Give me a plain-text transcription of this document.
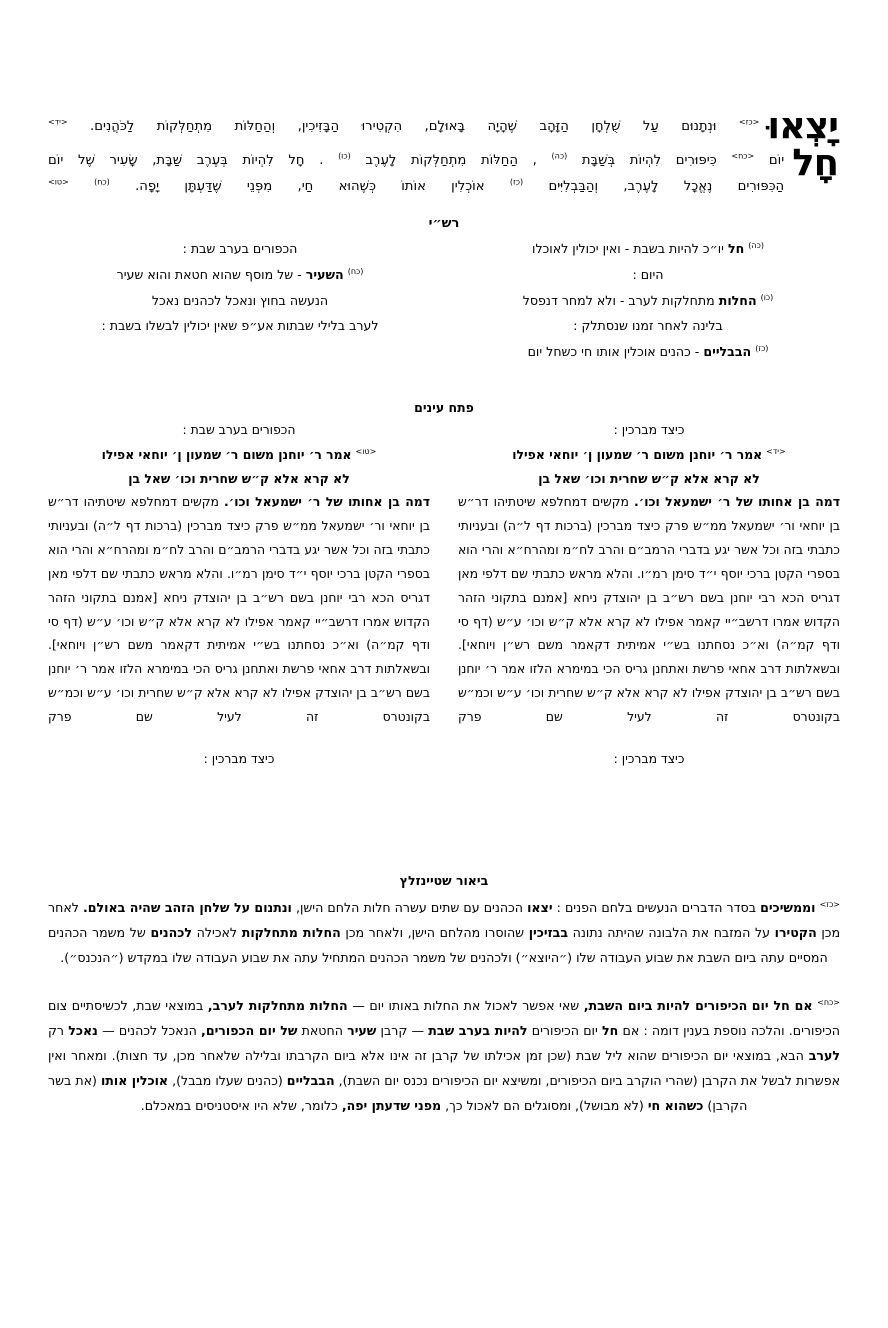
יָצְאוּ
$^{<כז>}$ וּנְתָנוּם עַל שֻׁלְחָן הַזָּהָב שֶׁהָיָה בָּאוּלָם, הִקְטִירוּ הַבָּזִיכִין, וְהַחַלּוֹת מִתְחַלְּקוֹת לַכֹּהֲנִים. $^{<יד>}$
חָל
יוֹם $^{<כח>}$ כִּיפּוּרִים לִהְיוֹת בְּשַׁבָּת $^{(כה)}$ , הַחַלּוֹת מִתְחַלְּקוֹת לָעֶרֶב $^{(כו)}$ . חָל לִהְיוֹת בְּעֶרֶב שַׁבָּת, שָׂעִיר שֶׁל יוֹם
הַכִּפּוּרִים נֶאֱכָל לָעֶרֶב, וְהַבַּבְלִיִּים $^{(כז)}$ אוֹכְלִין אוֹתוֹ כְּשֶׁהוּא חַי, מִפְּנֵי שֶׁדַּעְתָּן יָפָה. $^{(כח)}$ $^{<טו>}$
רש״י
$^{(כה)}$ חל יו״כ להיות בשבת - ואין יכולין לאוכלו
היום :
$^{(כו)}$ החלות מתחלקות לערב - ולא למחר דנפסל
בלינה לאחר זמנו שנסתלק :
$^{(כז)}$ הבבליים - כהנים אוכלין אותו חי כשחל יום
הכפורים בערב שבת :
$^{(כח)}$ השעיר - של מוסף שהוא חטאת והוא שעיר
הנעשה בחוץ ונאכל לכהנים נאכל
לערב בלילי שבתות אע״פ שאין יכולין לבשלו בשבת :
פתח עינים
כיצד מברכין :
$^{<יד>}$ אמר ר׳ יוחנן משום ר׳ שמעון ן׳ יוחאי אפילו
לא קרא אלא ק״ש שחרית וכו׳ שאל בן
דמה בן אחותו של ר׳ ישמעאל וכו׳. מקשים דמחלפא שיטתיהו דר״ש בן יוחאי ור׳ ישמעאל ממ״ש פרק כיצד מברכין (ברכות דף ל״ה) ובעניותי כתבתי בזה וכל אשר יגע בדברי הרמב״ם והרב לח״מ ומהרח״א והרי הוא בספרי הקטן ברכי יוסף י״ד סימן רמ״ו. והלא מראש כתבתי שם דלפי מאן דגריס הכא רבי יוחנן בשם רש״ב בן יהוצדק ניחא [אמנם בתקוני הזהר הקדוש אמרו דרשב״יי קאמר אפילו לא קרא אלא ק״ש וכו׳ ע״ש (דף סי ודף קמ״ה) וא״כ נסחתנו בש״י אמיתית דקאמר משם רש״ן ויוחאי]. ובשאלתות דרב אחאי פרשת ואתחנן גריס הכי במימרא הלזו אמר ר׳ יוחנן בשם רש״ב בן יהוצדק אפילו לא קרא אלא ק״ש שחרית וכו׳ ע״ש וכמ״ש בקונטרס זה לעיל שם פרק
כיצד מברכין :
הכפורים בערב שבת :
$^{<טו>}$ אמר ר׳ יוחנן משום ר׳ שמעון ן׳ יוחאי אפילו
לא קרא אלא ק״ש שחרית וכו׳ שאל בן
דמה בן אחותו של ר׳ ישמעאל וכו׳. מקשים דמחלפא שיטתיהו דר״ש בן יוחאי ור׳ ישמעאל ממ״ש פרק כיצד מברכין (ברכות דף ל״ה) ובעניותי כתבתי בזה וכל אשר יגע בדברי הרמב״ם והרב לח״מ ומהרח״א והרי הוא בספרי הקטן ברכי יוסף י״ד סימן רמ״ו. והלא מראש כתבתי שם דלפי מאן דגריס הכא רבי יוחנן בשם רש״ב בן יהוצדק ניחא [אמנם בתקוני הזהר הקדוש אמרו דרשב״יי קאמר אפילו לא קרא אלא ק״ש וכו׳ ע״ש (דף סי ודף קמ״ה) וא״כ נסחתנו בש״י אמיתית דקאמר משם רש״ן ויוחאי]. ובשאלתות דרב אחאי פרשת ואתחנן גריס הכי במימרא הלזו אמר ר׳ יוחנן בשם רש״ב בן יהוצדק אפילו לא קרא אלא ק״ש שחרית וכו׳ ע״ש וכמ״ש בקונטרס זה לעיל שם פרק
כיצד מברכין :
ביאור שטיינזלץ

$^{<כז>}$ וממשיכים בסדר הדברים הנעשים בלחם הפנים : יצאו הכהנים עם שתים עשרה חלות הלחם הישן, ונתנום על שלחן הזהב שהיה באולם. לאחר מכן הקטירו על המזבח את הלבונה שהיתה נתונה בבזיכין שהוסרו מהלחם הישן, ולאחר מכן החלות מתחלקות לאכילה לכהנים של משמר הכהנים המסיים עתה ביום השבת את שבוע העבודה שלו (״היוצא״) ולכהנים של משמר הכהנים המתחיל עתה את שבוע העבודה שלו במקדש (״הנכנס״).

$^{<כח>}$ אם חל יום הכיפורים להיות ביום השבת, שאי אפשר לאכול את החלות באותו יום — החלות מתחלקות לערב, במוצאי שבת, לכשיסתיים צום הכיפורים. והלכה נוספת בענין דומה : אם חל יום הכיפורים להיות בערב שבת — קרבן שעיר החטאת של יום הכפורים, הנאכל לכהנים — נאכל רק לערב הבא, במוצאי יום הכיפורים שהוא ליל שבת (שכן זמן אכילתו של קרבן זה אינו אלא ביום הקרבתו ובלילה שלאחר מכן, עד חצות). ומאחר ואין אפשרות לבשל את הקרבן (שהרי הוקרב ביום הכיפורים, ומשיצא יום הכיפורים נכנס יום השבת), הבבליים (כהנים שעלו מבבל), אוכלין אותו (את בשר הקרבן) כשהוא חי (לא מבושל), ומסוגלים הם לאכול כך, מפני שדעתן יפה, כלומר, שלא היו איסטניסים במאכלם.
